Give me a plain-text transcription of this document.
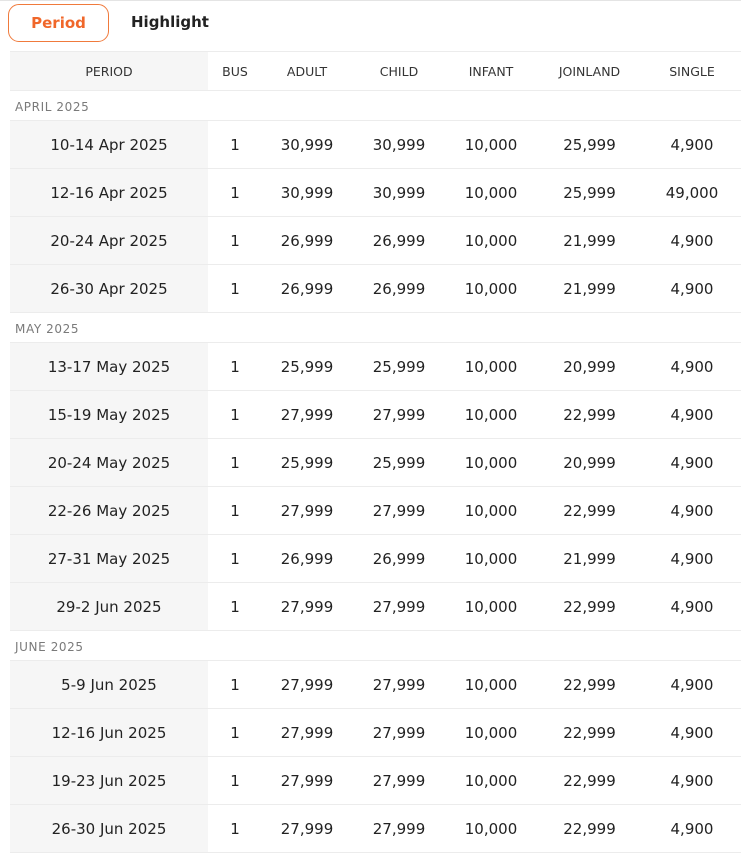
Period	Highlight
PERIOD	BUS	ADULT	CHILD	INFANT	JOINLAND	SINGLE
APRIL 2025
10-14 Apr 2025	1	30,999	30,999	10,000	25,999	4,900
12-16 Apr 2025	1	30,999	30,999	10,000	25,999	49,000
20-24 Apr 2025	1	26,999	26,999	10,000	21,999	4,900
26-30 Apr 2025	1	26,999	26,999	10,000	21,999	4,900
MAY 2025
13-17 May 2025	1	25,999	25,999	10,000	20,999	4,900
15-19 May 2025	1	27,999	27,999	10,000	22,999	4,900
20-24 May 2025	1	25,999	25,999	10,000	20,999	4,900
22-26 May 2025	1	27,999	27,999	10,000	22,999	4,900
27-31 May 2025	1	26,999	26,999	10,000	21,999	4,900
29-2 Jun 2025	1	27,999	27,999	10,000	22,999	4,900
JUNE 2025
5-9 Jun 2025	1	27,999	27,999	10,000	22,999	4,900
12-16 Jun 2025	1	27,999	27,999	10,000	22,999	4,900
19-23 Jun 2025	1	27,999	27,999	10,000	22,999	4,900
26-30 Jun 2025	1	27,999	27,999	10,000	22,999	4,900
